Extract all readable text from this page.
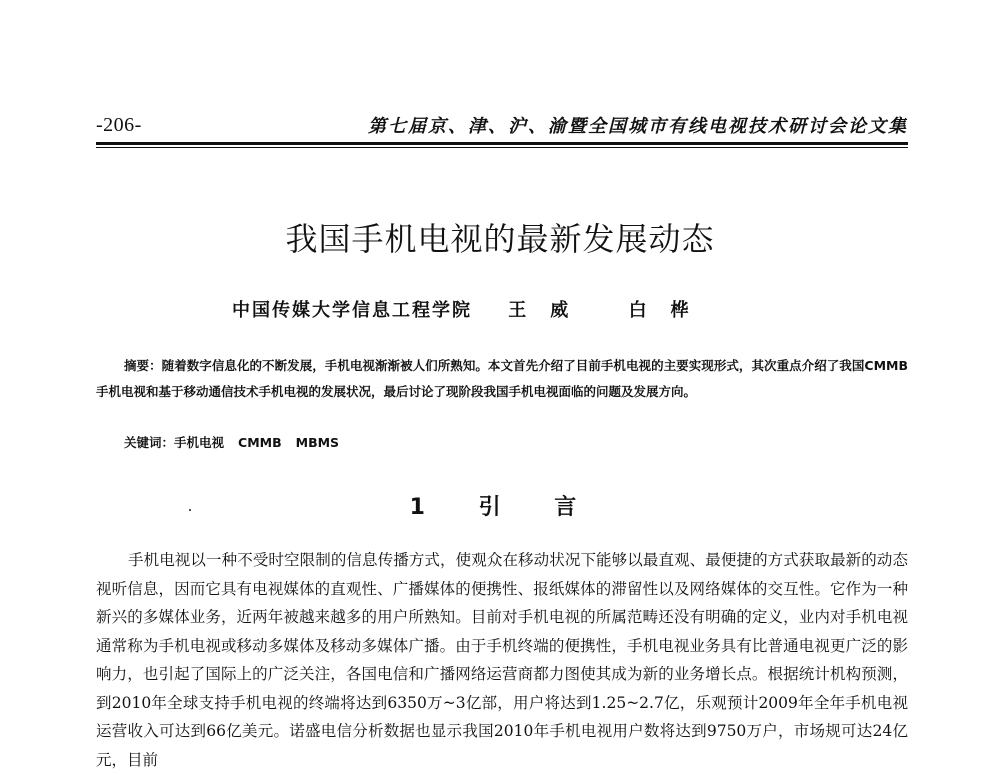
-206-	第七届京、津、沪、渝暨全国城市有线电视技术研讨会论文集
我国手机电视的最新发展动态
中国传媒大学信息工程学院 王威 白桦

摘要：随着数字信息化的不断发展，手机电视渐渐被人们所熟知。本文首先介绍了目前手机电视的主要实现形式，其次重点介绍了我国CMMB手机电视和基于移动通信技术手机电视的发展状况，最后讨论了现阶段我国手机电视面临的问题及发展方向。

关键词：手机电视 CMMB MBMS
1 引 言

手机电视以一种不受时空限制的信息传播方式，使观众在移动状况下能够以最直观、最便捷的方式获取最新的动态视听信息，因而它具有电视媒体的直观性、广播媒体的便携性、报纸媒体的滞留性以及网络媒体的交互性。它作为一种新兴的多媒体业务，近两年被越来越多的用户所熟知。目前对手机电视的所属范畴还没有明确的定义，业内对手机电视通常称为手机电视或移动多媒体及移动多媒体广播。由于手机终端的便携性，手机电视业务具有比普通电视更广泛的影响力，也引起了国际上的广泛关注，各国电信和广播网络运营商都力图使其成为新的业务增长点。根据统计机构预测，到2010年全球支持手机电视的终端将达到6350万~3亿部，用户将达到1.25~2.7亿，乐观预计2009年全年手机电视运营收入可达到66亿美元。诺盛电信分析数据也显示我国2010年手机电视用户数将达到9750万户，市场规可达24亿元，目前
